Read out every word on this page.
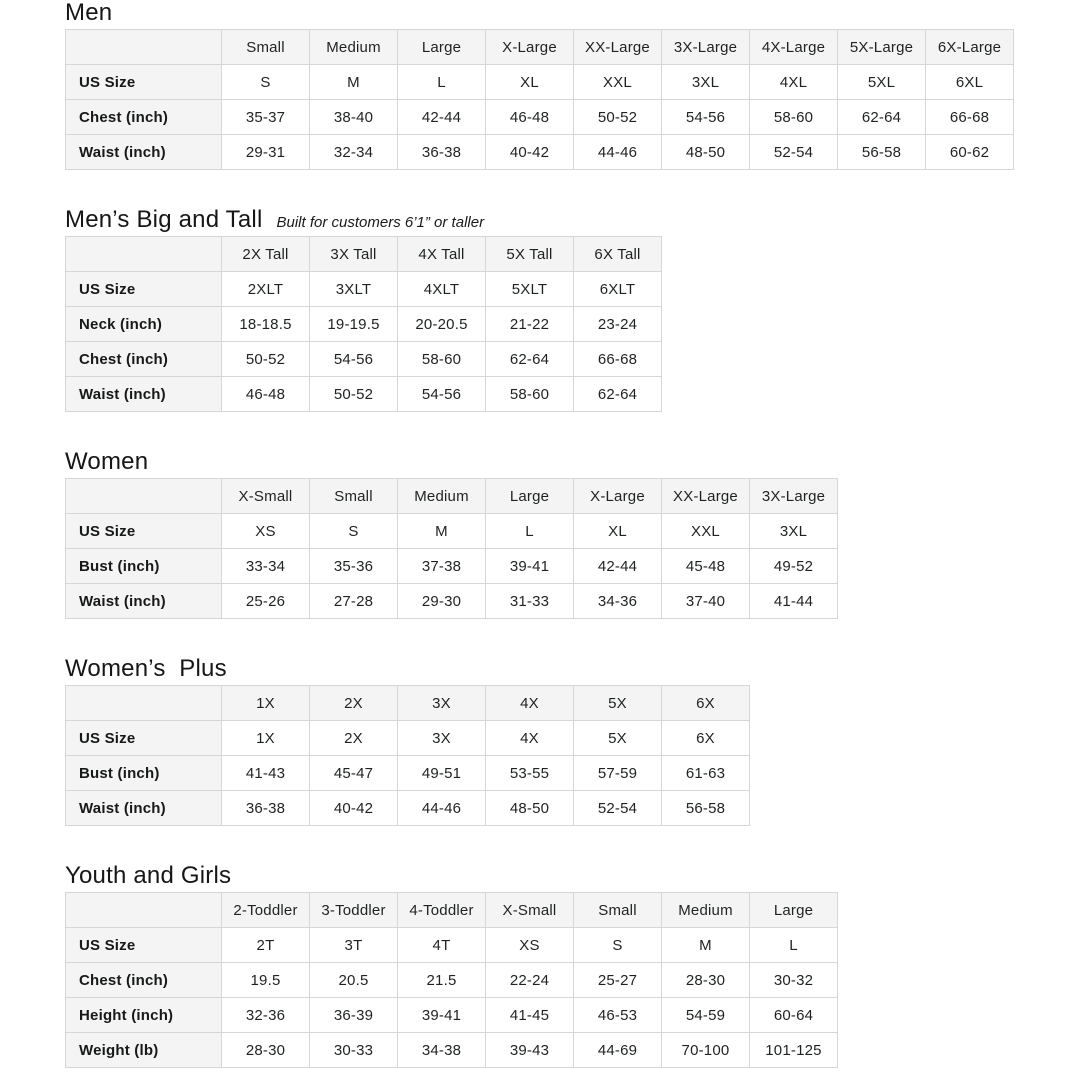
Men
	Small	Medium	Large	X-Large	XX-Large	3X-Large	4X-Large	5X-Large	6X-Large
US Size	S	M	L	XL	XXL	3XL	4XL	5XL	6XL
Chest (inch)	35-37	38-40	42-44	46-48	50-52	54-56	58-60	62-64	66-68
Waist (inch)	29-31	32-34	36-38	40-42	44-46	48-50	52-54	56-58	60-62
Men’s Big and Tall Built for customers 6’1” or taller
	2X Tall	3X Tall	4X Tall	5X Tall	6X Tall
US Size	2XLT	3XLT	4XLT	5XLT	6XLT
Neck (inch)	18-18.5	19-19.5	20-20.5	21-22	23-24
Chest (inch)	50-52	54-56	58-60	62-64	66-68
Waist (inch)	46-48	50-52	54-56	58-60	62-64
Women
	X-Small	Small	Medium	Large	X-Large	XX-Large	3X-Large
US Size	XS	S	M	L	XL	XXL	3XL
Bust (inch)	33-34	35-36	37-38	39-41	42-44	45-48	49-52
Waist (inch)	25-26	27-28	29-30	31-33	34-36	37-40	41-44
Women’s  Plus
	1X	2X	3X	4X	5X	6X
US Size	1X	2X	3X	4X	5X	6X
Bust (inch)	41-43	45-47	49-51	53-55	57-59	61-63
Waist (inch)	36-38	40-42	44-46	48-50	52-54	56-58
Youth and Girls
	2-Toddler	3-Toddler	4-Toddler	X-Small	Small	Medium	Large
US Size	2T	3T	4T	XS	S	M	L
Chest (inch)	19.5	20.5	21.5	22-24	25-27	28-30	30-32
Height (inch)	32-36	36-39	39-41	41-45	46-53	54-59	60-64
Weight (lb)	28-30	30-33	34-38	39-43	44-69	70-100	101-125
